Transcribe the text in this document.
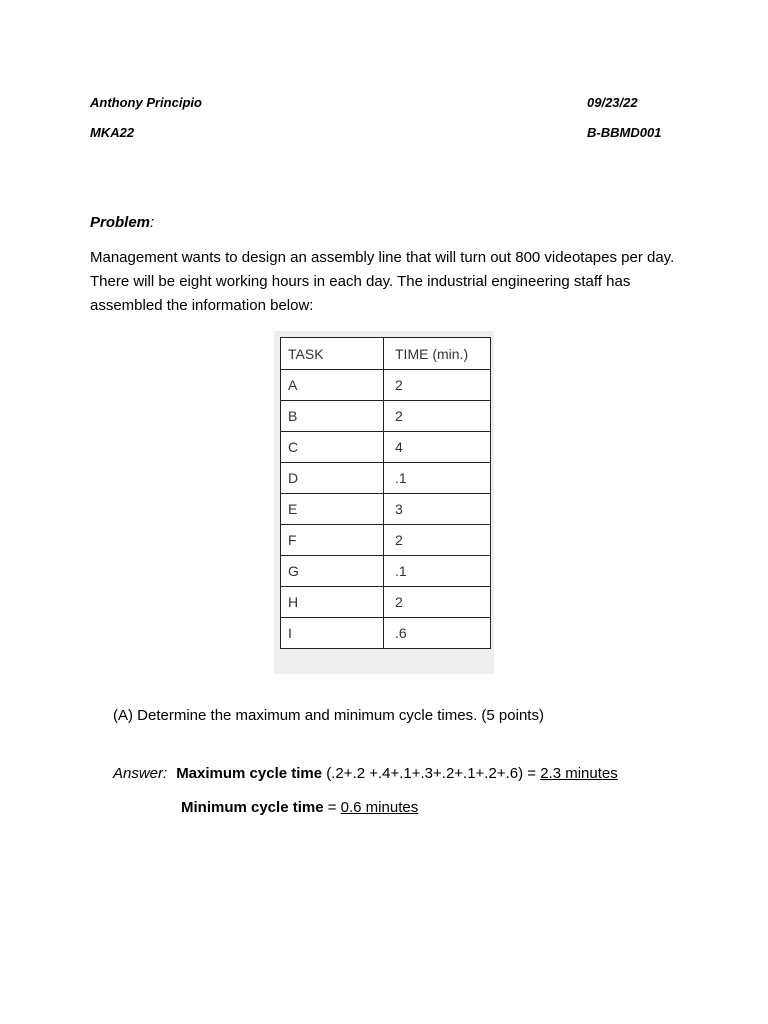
Anthony Principio	09/23/22
MKA22	B-BBMD001
Problem:
Management wants to design an assembly line that will turn out 800 videotapes per day. There will be eight working hours in each day. The industrial engineering staff has assembled the information below:
TASK	TIME (min.)
A	2
B	2
C	4
D	.1
E	3
F	2
G	.1
H	2
I	.6
(A) Determine the maximum and minimum cycle times. (5 points)
Answer: Maximum cycle time (.2+.2 +.4+.1+.3+.2+.1+.2+.6) = 2.3 minutes
Minimum cycle time = 0.6 minutes
